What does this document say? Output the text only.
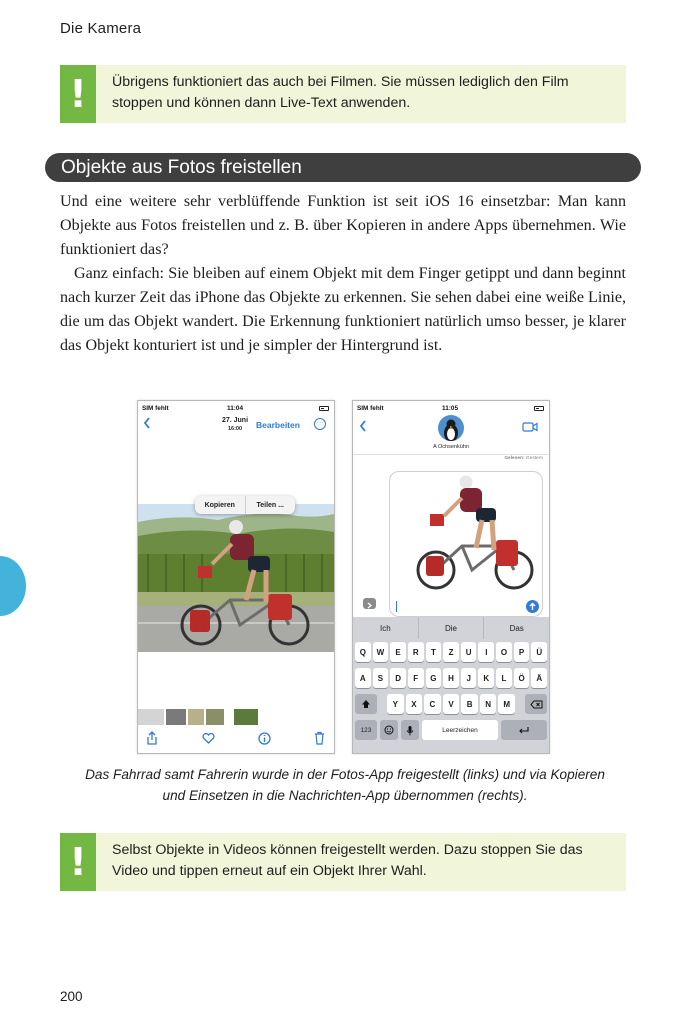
Die Kamera
!	Übrigens funktioniert das auch bei Filmen. Sie müssen lediglich den Film stoppen und können dann Live-Text anwenden.
Objekte aus Fotos freistellen

Und eine weitere sehr verblüffende Funktion ist seit iOS 16 einsetzbar: Man kann Objekte aus Fotos freistellen und z. B. über Kopieren in andere Apps übernehmen. Wie funktioniert das?

Ganz einfach: Sie bleiben auf einem Objekt mit dem Finger getippt und dann beginnt nach kurzer Zeit das iPhone das Objekte zu erkennen. Sie sehen dabei eine weiße Linie, die um das Objekt wandert. Die Erkennung funktioniert natürlich umso besser, je klarer das Objekt konturiert ist und je simpler der Hintergrund ist.

SIM fehlt	11:04
27. Juni
16:00	Bearbeiten	···
Kopieren	Teilen ...
SIM fehlt	11:05
A Ochsenkühn
Gelesen: Gestern
Ich	Die	Das
Q	W	E	R	T	Z	U	I	O	P	Ü
A	S	D	F	G	H	J	K	L	Ö	Ä
Y	X	C	V	B	N	M
123	Leerzeichen
Das Fahrrad samt Fahrerin wurde in der Fotos-App freigestellt (links) und via Kopieren und Einsetzen in die Nachrichten-App übernommen (rechts).
!	Selbst Objekte in Videos können freigestellt werden. Dazu stoppen Sie das Video und tippen erneut auf ein Objekt Ihrer Wahl.
200
